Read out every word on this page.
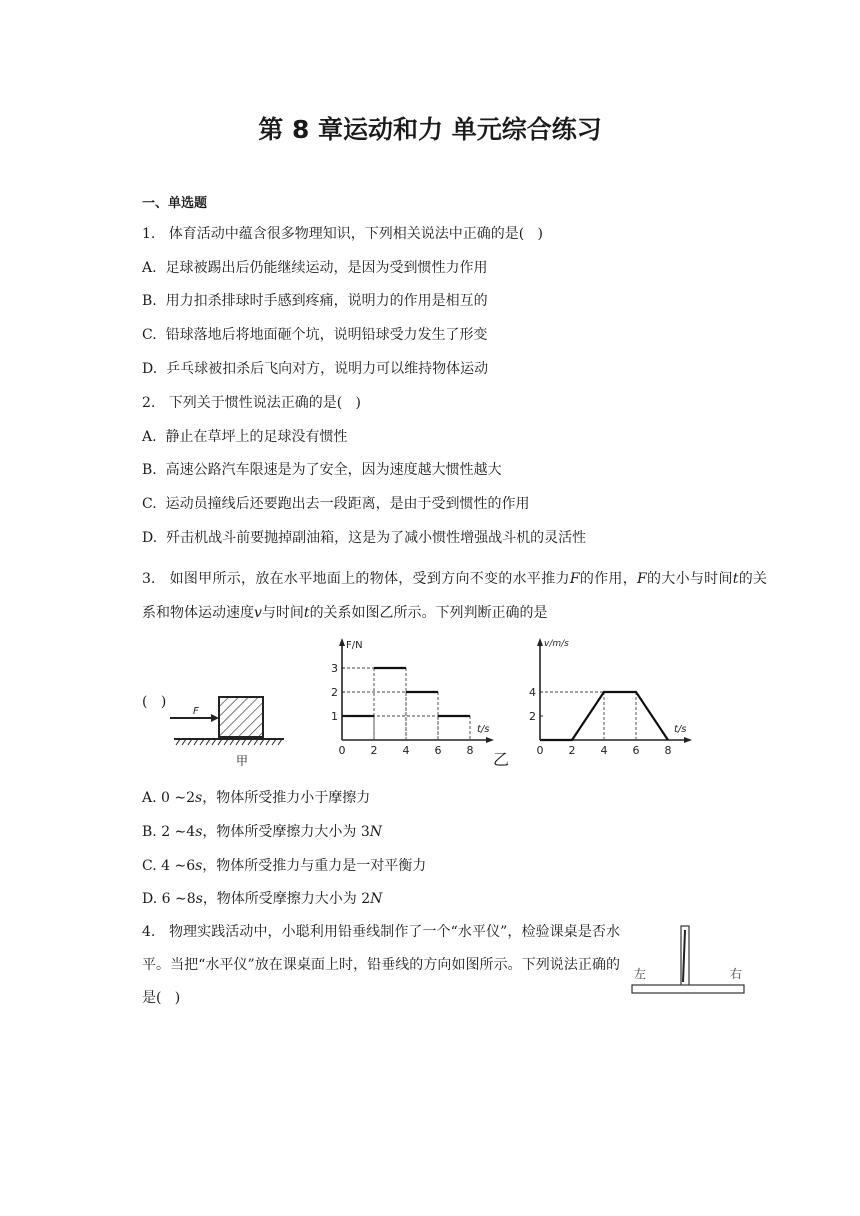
第 8 章运动和力 单元综合练习
一、单选题
1.   体育活动中蕴含很多物理知识，下列相关说法中正确的是(   )
A.  足球被踢出后仍能继续运动，是因为受到惯性力作用
B.  用力扣杀排球时手感到疼痛，说明力的作用是相互的
C.  铅球落地后将地面砸个坑，说明铅球受力发生了形变
D.  乒乓球被扣杀后飞向对方，说明力可以维持物体运动
2.   下列关于惯性说法正确的是(   )
A.  静止在草坪上的足球没有惯性
B.  高速公路汽车限速是为了安全，因为速度越大惯性越大
C.  运动员撞线后还要跑出去一段距离，是由于受到惯性的作用
D.  歼击机战斗前要抛掉副油箱，这是为了减小惯性增强战斗机的灵活性
3.   如图甲所示，放在水平地面上的物体，受到方向不变的水平推力F的作用，F的大小与时间t的关系和物体运动速度v与时间t的关系如图乙所示。下列判断正确的是
(   )
F
甲
F/N
t/s
0 2 4 6 8
1
2
3
乙
v/m/s
t/s
0 2 4 6 8
2
4
A. 0 ∼2s，物体所受推力小于摩擦力
B. 2 ∼4s，物体所受摩擦力大小为 3N
C. 4 ∼6s，物体所受推力与重力是一对平衡力
D. 6 ∼8s，物体所受摩擦力大小为 2N
4.   物理实践活动中，小聪利用铅垂线制作了一个“水平仪”，检验课桌是否水平。当把“水平仪”放在课桌面上时，铅垂线的方向如图所示。下列说法正确的是(   )
左	右
